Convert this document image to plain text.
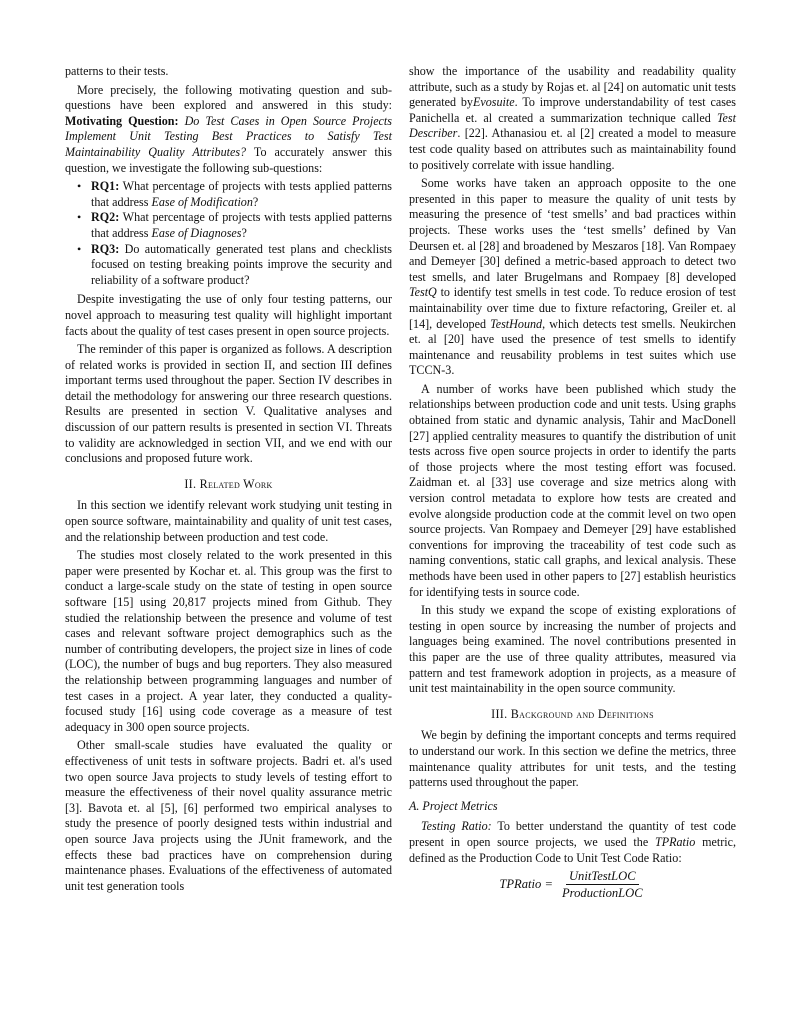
patterns to their tests.

More precisely, the following motivating question and sub-questions have been explored and answered in this study: Motivating Question: Do Test Cases in Open Source Projects Implement Unit Testing Best Practices to Satisfy Test Maintainability Quality Attributes? To accurately answer this question, we investigate the following sub-questions:

• RQ1: What percentage of projects with tests applied patterns that address Ease of Modification?
• RQ2: What percentage of projects with tests applied patterns that address Ease of Diagnoses?
• RQ3: Do automatically generated test plans and checklists focused on testing breaking points improve the security and reliability of a software product?

Despite investigating the use of only four testing patterns, our novel approach to measuring test quality will highlight important facts about the quality of test cases present in open source projects.

The reminder of this paper is organized as follows. A description of related works is provided in section II, and section III defines important terms used throughout the paper. Section IV describes in detail the methodology for answering our three research questions. Results are presented in section V. Qualitative analyses and discussion of our pattern results is presented in section VI. Threats to validity are acknowledged in section VII, and we end with our conclusions and proposed future work.

II. Related Work

In this section we identify relevant work studying unit testing in open source software, maintainability and quality of unit test cases, and the relationship between production and test code.

The studies most closely related to the work presented in this paper were presented by Kochar et. al. This group was the first to conduct a large-scale study on the state of testing in open source software [15] using 20,817 projects mined from Github. They studied the relationship between the presence and volume of test cases and relevant software project demographics such as the number of contributing developers, the project size in lines of code (LOC), the number of bugs and bug reporters. They also measured the relationship between programming languages and number of test cases in a project. A year later, they conducted a quality-focused study [16] using code coverage as a measure of test adequacy in 300 open source projects.

Other small-scale studies have evaluated the quality or effectiveness of unit tests in software projects. Badri et. al's used two open source Java projects to study levels of testing effort to measure the effectiveness of their novel quality assurance metric [3]. Bavota et. al [5], [6] performed two empirical analyses to study the presence of poorly designed tests within industrial and open source Java projects using the JUnit framework, and the effects these bad practices have on comprehension during maintenance phases. Evaluations of the effectiveness of automated unit test generation tools

show the importance of the usability and readability quality attribute, such as a study by Rojas et. al [24] on automatic unit tests generated byEvosuite. To improve understandability of test cases Panichella et. al created a summarization technique called Test Describer. [22]. Athanasiou et. al [2] created a model to measure test code quality based on attributes such as maintainability found to positively correlate with issue handling.

Some works have taken an approach opposite to the one presented in this paper to measure the quality of unit tests by measuring the presence of ‘test smells’ and bad practices within projects. These works uses the ‘test smells’ defined by Van Deursen et. al [28] and broadened by Meszaros [18]. Van Rompaey and Demeyer [30] defined a metric-based approach to detect two test smells, and later Brugelmans and Rompaey [8] developed TestQ to identify test smells in test code. To reduce erosion of test maintainability over time due to fixture refactoring, Greiler et. al [14], developed TestHound, which detects test smells. Neukirchen et. al [20] have used the presence of test smells to identify maintenance and reusability problems in test suites which use TCCN-3.

A number of works have been published which study the relationships between production code and unit tests. Using graphs obtained from static and dynamic analysis, Tahir and MacDonell [27] applied centrality measures to quantify the distribution of unit tests across five open source projects in order to identify the parts of those projects where the most testing effort was focused. Zaidman et. al [33] use coverage and size metrics along with version control metadata to explore how tests are created and evolve alongside production code at the commit level on two open source projects. Van Rompaey and Demeyer [29] have established conventions for improving the traceability of test code such as naming conventions, static call graphs, and lexical analysis. These methods have been used in other papers to [27] establish heuristics for identifying tests in source code.

In this study we expand the scope of existing explorations of testing in open source by increasing the number of projects and languages being examined. The novel contributions presented in this paper are the use of three quality attributes, measured via pattern and test framework adoption in projects, as a measure of unit test maintainability in the open source community.

III. Background and Definitions

We begin by defining the important concepts and terms required to understand our work. In this section we define the metrics, three maintenance quality attributes for unit tests, and the testing patterns used throughout the paper.

A. Project Metrics

Testing Ratio: To better understand the quantity of test code present in open source projects, we used the TPRatio metric, defined as the Production Code to Unit Test Code Ratio:

TPRatio = $\frac{\text{UnitTestLOC}}{\text{ProductionLOC}}$
